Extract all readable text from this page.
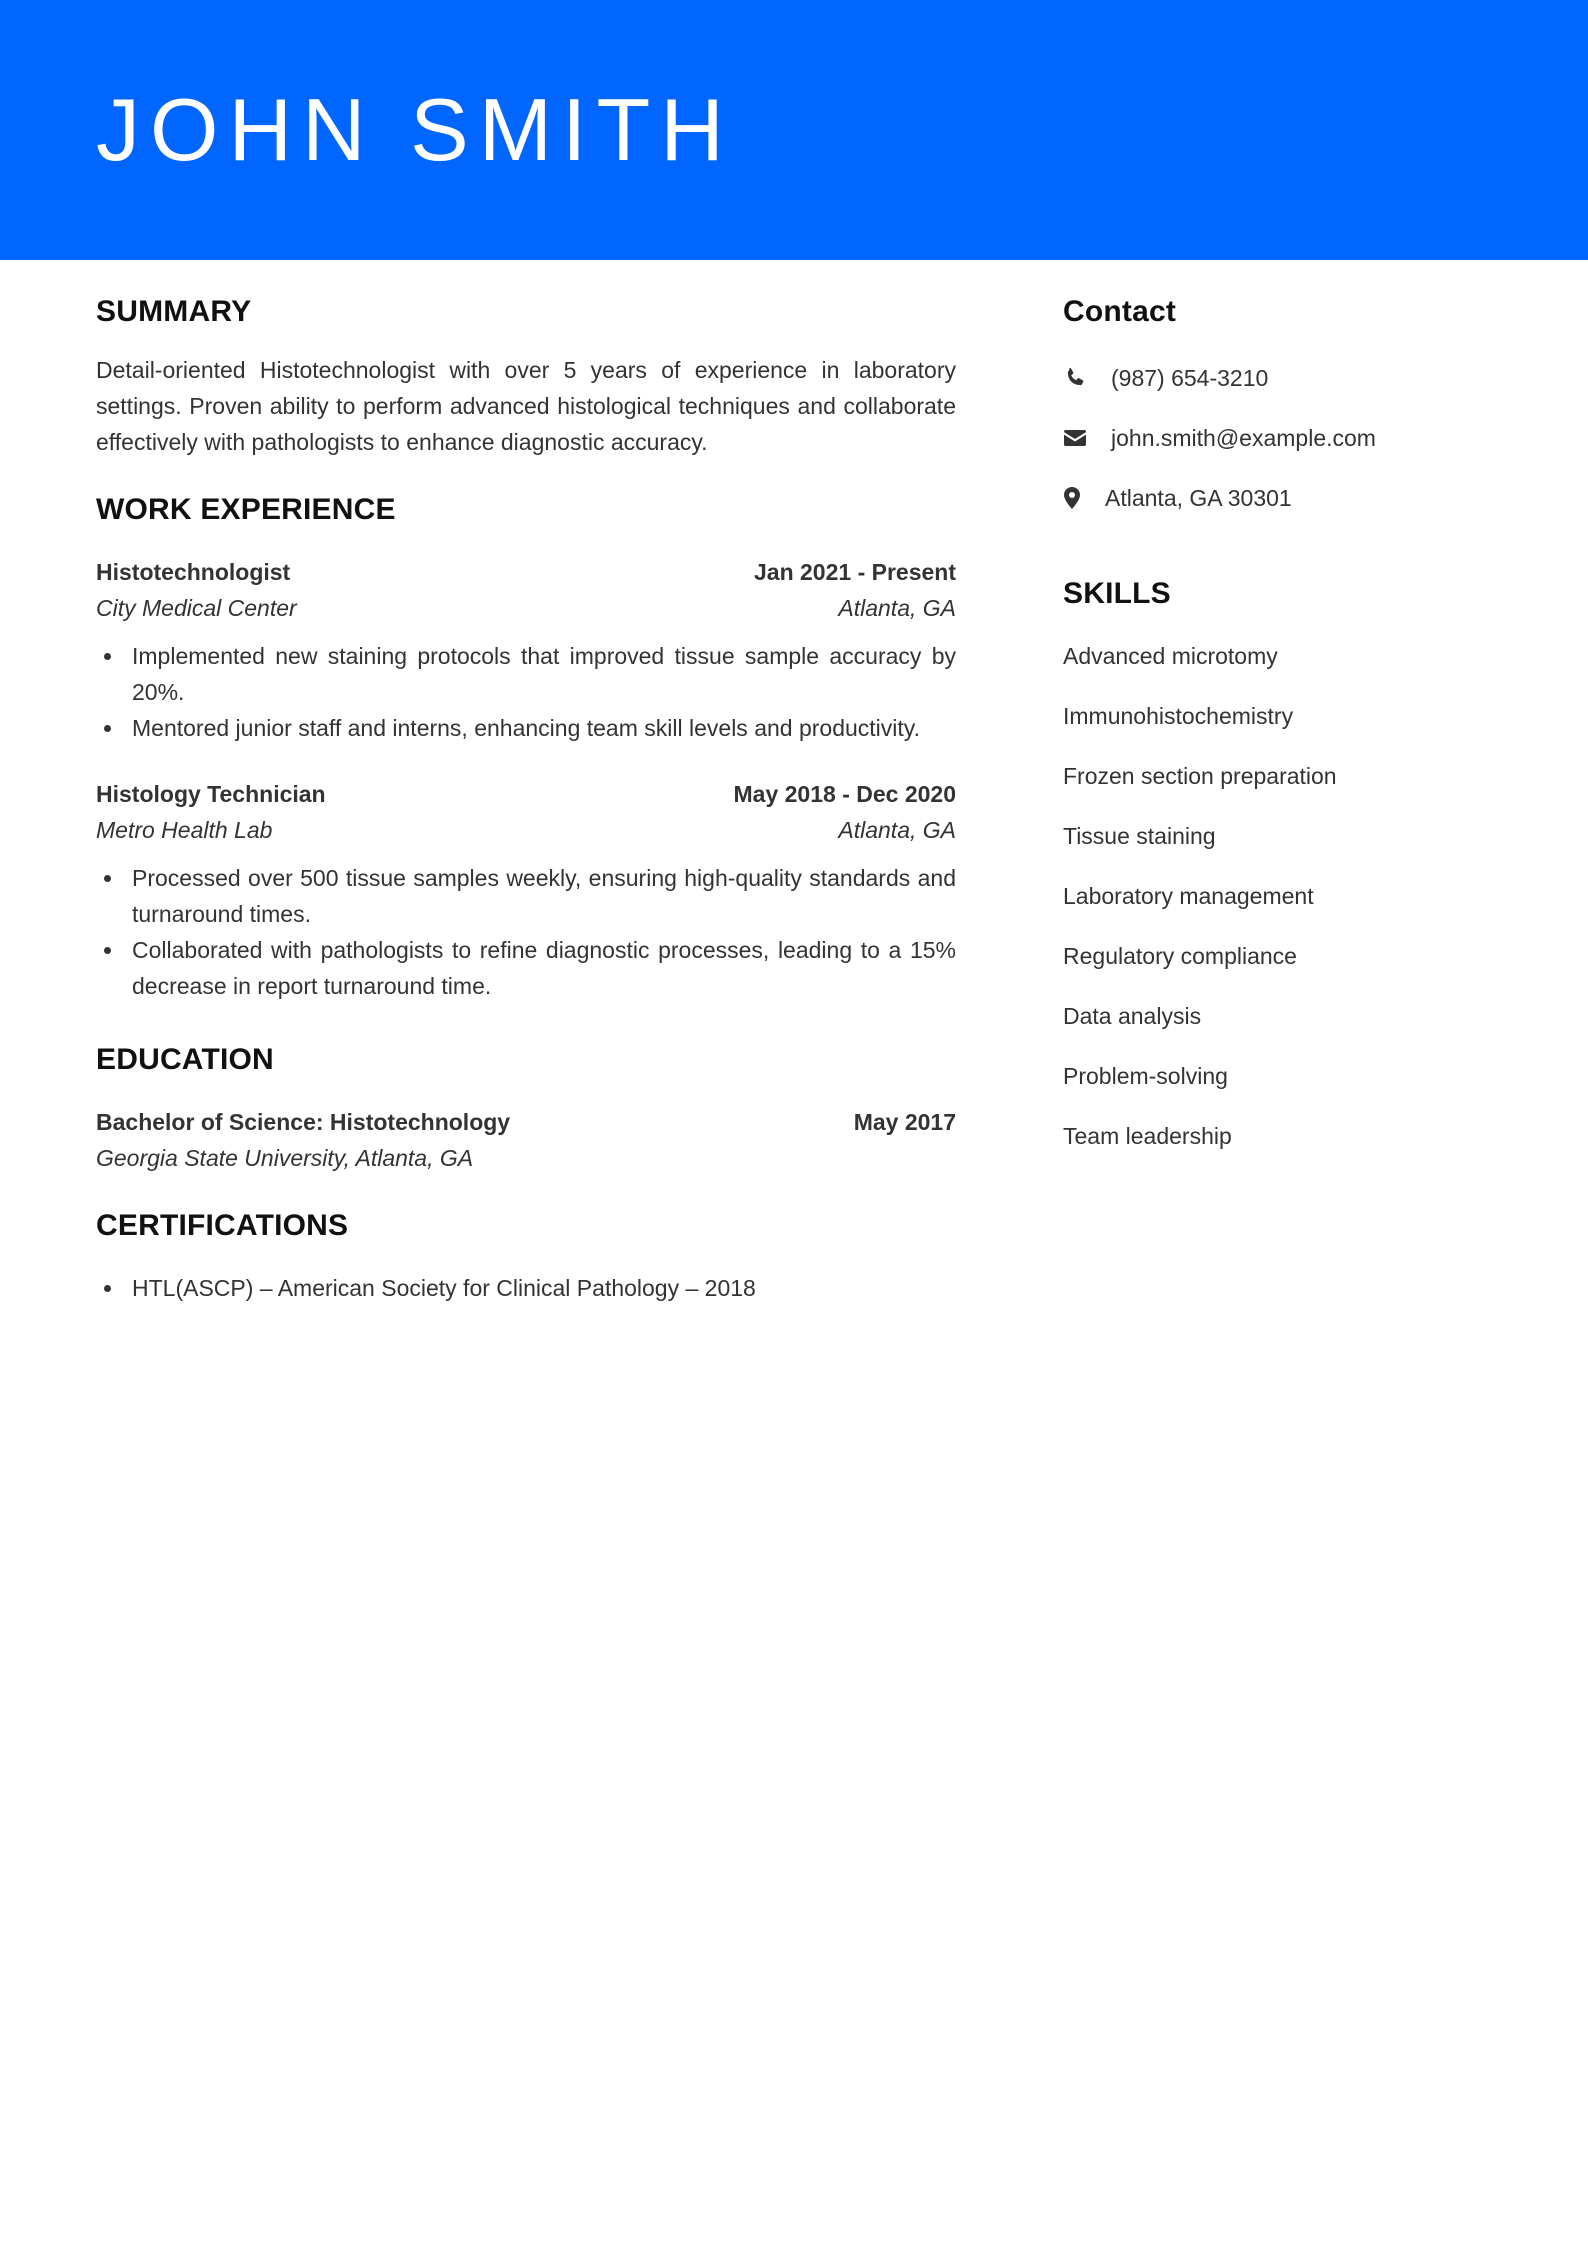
JOHN SMITH
SUMMARY

Detail-oriented Histotechnologist with over 5 years of experience in laboratory settings. Proven ability to perform advanced histological techniques and collaborate effectively with pathologists to enhance diagnostic accuracy.

WORK EXPERIENCE
Histotechnologist	Jan 2021 - Present
City Medical Center	Atlanta, GA
Implemented new staining protocols that improved tissue sample accuracy by 20%.
Mentored junior staff and interns, enhancing team skill levels and productivity.
Histology Technician	May 2018 - Dec 2020
Metro Health Lab	Atlanta, GA
Processed over 500 tissue samples weekly, ensuring high-quality standards and turnaround times.
Collaborated with pathologists to refine diagnostic processes, leading to a 15% decrease in report turnaround time.
EDUCATION
Bachelor of Science: Histotechnology	May 2017
Georgia State University, Atlanta, GA
CERTIFICATIONS
HTL(ASCP) – American Society for Clinical Pathology – 2018
Contact
(987) 654-3210
john.smith@example.com
Atlanta, GA 30301
SKILLS
Advanced microtomy
Immunohistochemistry
Frozen section preparation
Tissue staining
Laboratory management
Regulatory compliance
Data analysis
Problem-solving
Team leadership
